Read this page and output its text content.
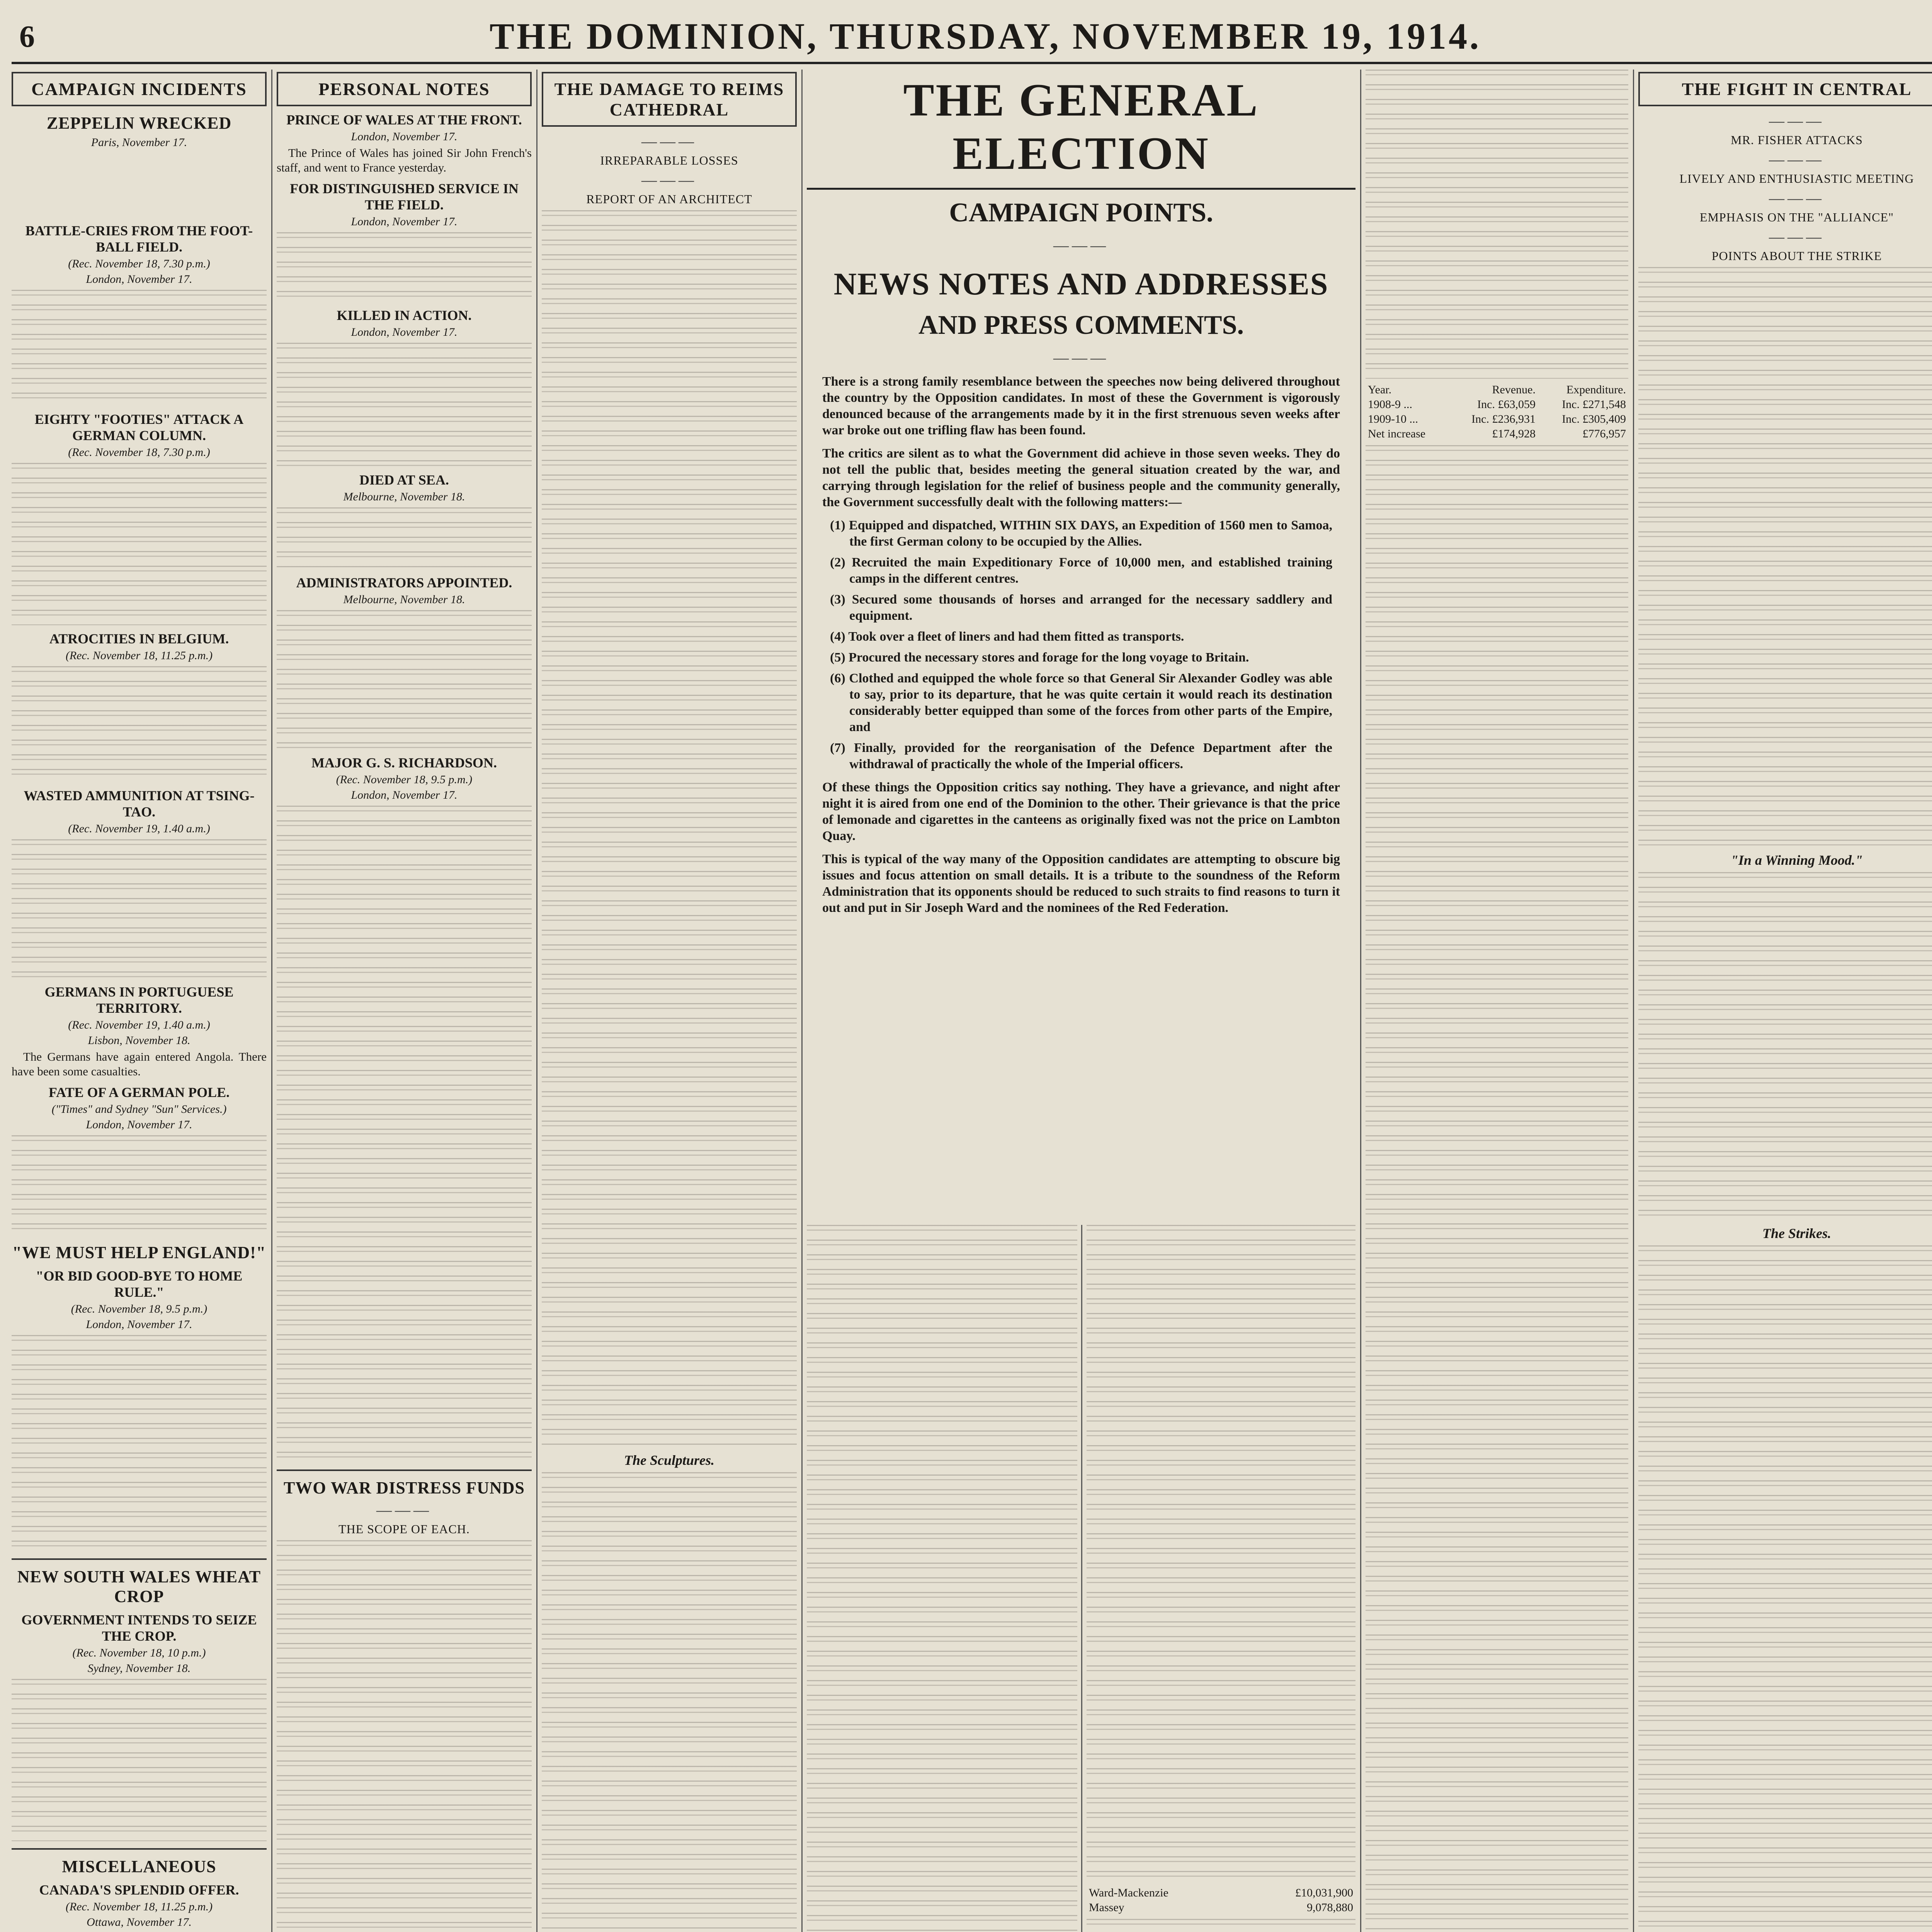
6	THE DOMINION, THURSDAY, NOVEMBER 19, 1914.
CAMPAIGN INCIDENTS
ZEPPELIN WRECKED
Paris, November 17.
BATTLE-CRIES FROM THE FOOT-BALL FIELD.
(Rec. November 18, 7.30 p.m.)
London, November 17.
EIGHTY "FOOTIES" ATTACK A GERMAN COLUMN.
(Rec. November 18, 7.30 p.m.)
ATROCITIES IN BELGIUM.
(Rec. November 18, 11.25 p.m.)
WASTED AMMUNITION AT TSING-TAO.
(Rec. November 19, 1.40 a.m.)
GERMANS IN PORTUGUESE TERRITORY.
(Rec. November 19, 1.40 a.m.)
Lisbon, November 18.
The Germans have again entered Angola. There have been some casualties.
FATE OF A GERMAN POLE.
("Times" and Sydney "Sun" Services.)
London, November 17.
"WE MUST HELP ENGLAND!"
"OR BID GOOD-BYE TO HOME RULE."
(Rec. November 18, 9.5 p.m.)
London, November 17.
NEW SOUTH WALES WHEAT CROP
GOVERNMENT INTENDS TO SEIZE THE CROP.
(Rec. November 18, 10 p.m.)
Sydney, November 18.
MISCELLANEOUS
CANADA'S SPLENDID OFFER.
(Rec. November 18, 11.25 p.m.)
Ottawa, November 17.
PERSONAL NOTES
PRINCE OF WALES AT THE FRONT.
London, November 17.
The Prince of Wales has joined Sir John French's staff, and went to France yesterday.
FOR DISTINGUISHED SERVICE IN THE FIELD.
London, November 17.
KILLED IN ACTION.
London, November 17.
DIED AT SEA.
Melbourne, November 18.
ADMINISTRATORS APPOINTED.
Melbourne, November 18.
MAJOR G. S. RICHARDSON.
(Rec. November 18, 9.5 p.m.)
London, November 17.
TWO WAR DISTRESS FUNDS
———
THE SCOPE OF EACH.
THE DAMAGE TO REIMS CATHEDRAL
———
IRREPARABLE LOSSES
———
REPORT OF AN ARCHITECT
The Sculptures.
THE GENERAL ELECTION
CAMPAIGN POINTS.
———
NEWS NOTES AND ADDRESSES
AND PRESS COMMENTS.
———
There is a strong family resemblance between the speeches now being delivered throughout the country by the Opposition candidates. In most of these the Government is vigorously denounced because of the arrangements made by it in the first strenuous seven weeks after war broke out one trifling flaw has been found.
The critics are silent as to what the Government did achieve in those seven weeks. They do not tell the public that, besides meeting the general situation created by the war, and carrying through legislation for the relief of business people and the community generally, the Government successfully dealt with the following matters:—
(1) Equipped and dispatched, WITHIN SIX DAYS, an Expedition of 1560 men to Samoa, the first German colony to be occupied by the Allies.
(2) Recruited the main Expeditionary Force of 10,000 men, and established training camps in the different centres.
(3) Secured some thousands of horses and arranged for the necessary saddlery and equipment.
(4) Took over a fleet of liners and had them fitted as transports.
(5) Procured the necessary stores and forage for the long voyage to Britain.
(6) Clothed and equipped the whole force so that General Sir Alexander Godley was able to say, prior to its departure, that he was quite certain it would reach its destination considerably better equipped than some of the forces from other parts of the Empire, and
(7) Finally, provided for the reorganisation of the Defence Department after the withdrawal of practically the whole of the Imperial officers.
Of these things the Opposition critics say nothing. They have a grievance, and night after night it is aired from one end of the Dominion to the other. Their grievance is that the price of lemonade and cigarettes in the canteens as originally fixed was not the price on Lambton Quay.
This is typical of the way many of the Opposition candidates are attempting to obscure big issues and focus attention on small details. It is a tribute to the soundness of the Reform Administration that its opponents should be reduced to such straits to find reasons to turn it out and put in Sir Joseph Ward and the nominees of the Red Federation.
Ward-Mackenzie	£10,031,900
Massey	9,078,880

Year.	Revenue.	Expenditure.
1908-9 ...	Inc. £63,059	Inc. £271,548
1909-10 ...	Inc. £236,931	Inc. £305,409
Net increase	£174,928	£776,957

THE FIGHT IN CENTRAL
———
MR. FISHER ATTACKS
———
LIVELY AND ENTHUSIASTIC MEETING
———
EMPHASIS ON THE "ALLIANCE"
———
POINTS ABOUT THE STRIKE
"In a Winning Mood."
The Strikes.
